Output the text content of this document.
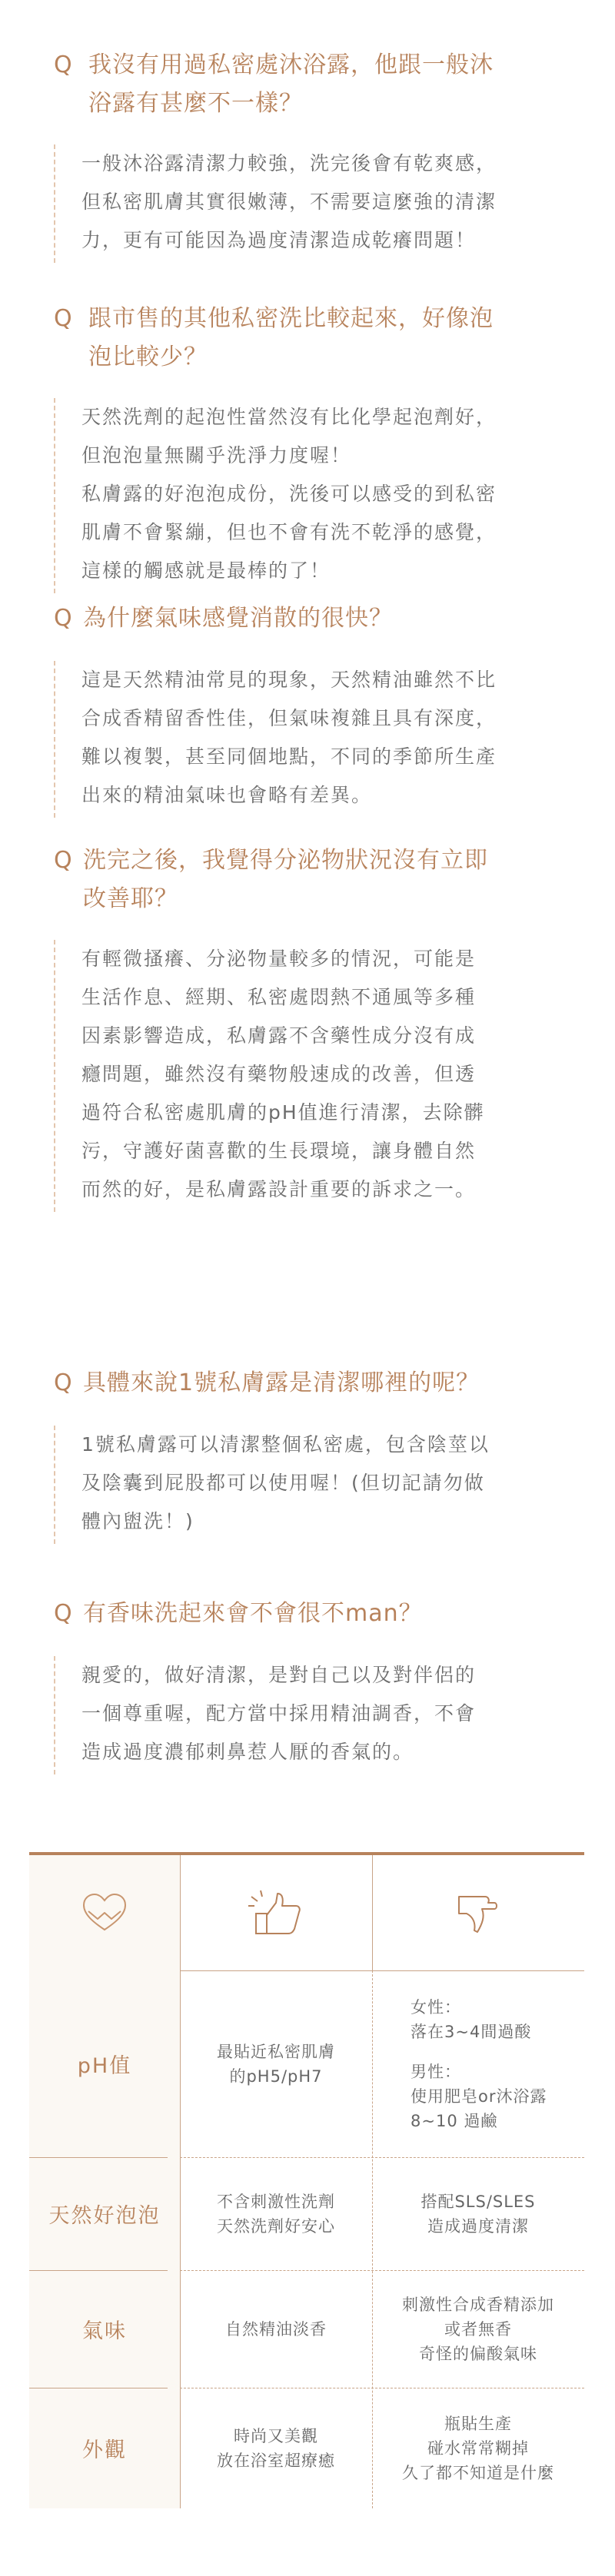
Q 我沒有用過私密處沐浴露，他跟一般沐
浴露有甚麼不一樣？
一般沐浴露清潔力較強，洗完後會有乾爽感，
但私密肌膚其實很嫩薄，不需要這麼強的清潔
力，更有可能因為過度清潔造成乾癢問題！
Q 跟市售的其他私密洗比較起來，好像泡
泡比較少？
天然洗劑的起泡性當然沒有比化學起泡劑好，
但泡泡量無關乎洗淨力度喔！
私膚露的好泡泡成份，洗後可以感受的到私密
肌膚不會緊繃，但也不會有洗不乾淨的感覺，
這樣的觸感就是最棒的了！
Q 為什麼氣味感覺消散的很快？
這是天然精油常見的現象，天然精油雖然不比
合成香精留香性佳，但氣味複雜且具有深度，
難以複製，甚至同個地點，不同的季節所生產
出來的精油氣味也會略有差異。
Q 洗完之後，我覺得分泌物狀況沒有立即
改善耶？
有輕微搔癢、分泌物量較多的情況，可能是
生活作息、經期、私密處悶熱不通風等多種
因素影響造成，私膚露不含藥性成分沒有成
癮問題，雖然沒有藥物般速成的改善，但透
過符合私密處肌膚的pH值進行清潔，去除髒
污，守護好菌喜歡的生長環境，讓身體自然
而然的好，是私膚露設計重要的訴求之一。
Q 具體來說1號私膚露是清潔哪裡的呢？
1號私膚露可以清潔整個私密處，包含陰莖以
及陰囊到屁股都可以使用喔！(但切記請勿做
體內盥洗！)
Q 有香味洗起來會不會很不man？
親愛的，做好清潔，是對自己以及對伴侶的
一個尊重喔，配方當中採用精油調香，不會
造成過度濃郁刺鼻惹人厭的香氣的。
pH值
最貼近私密肌膚
的pH5/pH7
女性：
落在3~4間過酸
男性：
使用肥皂or沐浴露
8~10 過鹼
天然好泡泡
不含刺激性洗劑
天然洗劑好安心
搭配SLS/SLES
造成過度清潔
氣味	自然精油淡香
刺激性合成香精添加
或者無香
奇怪的偏酸氣味
外觀
時尚又美觀
放在浴室超療癒
瓶貼生產
碰水常常糊掉
久了都不知道是什麼
